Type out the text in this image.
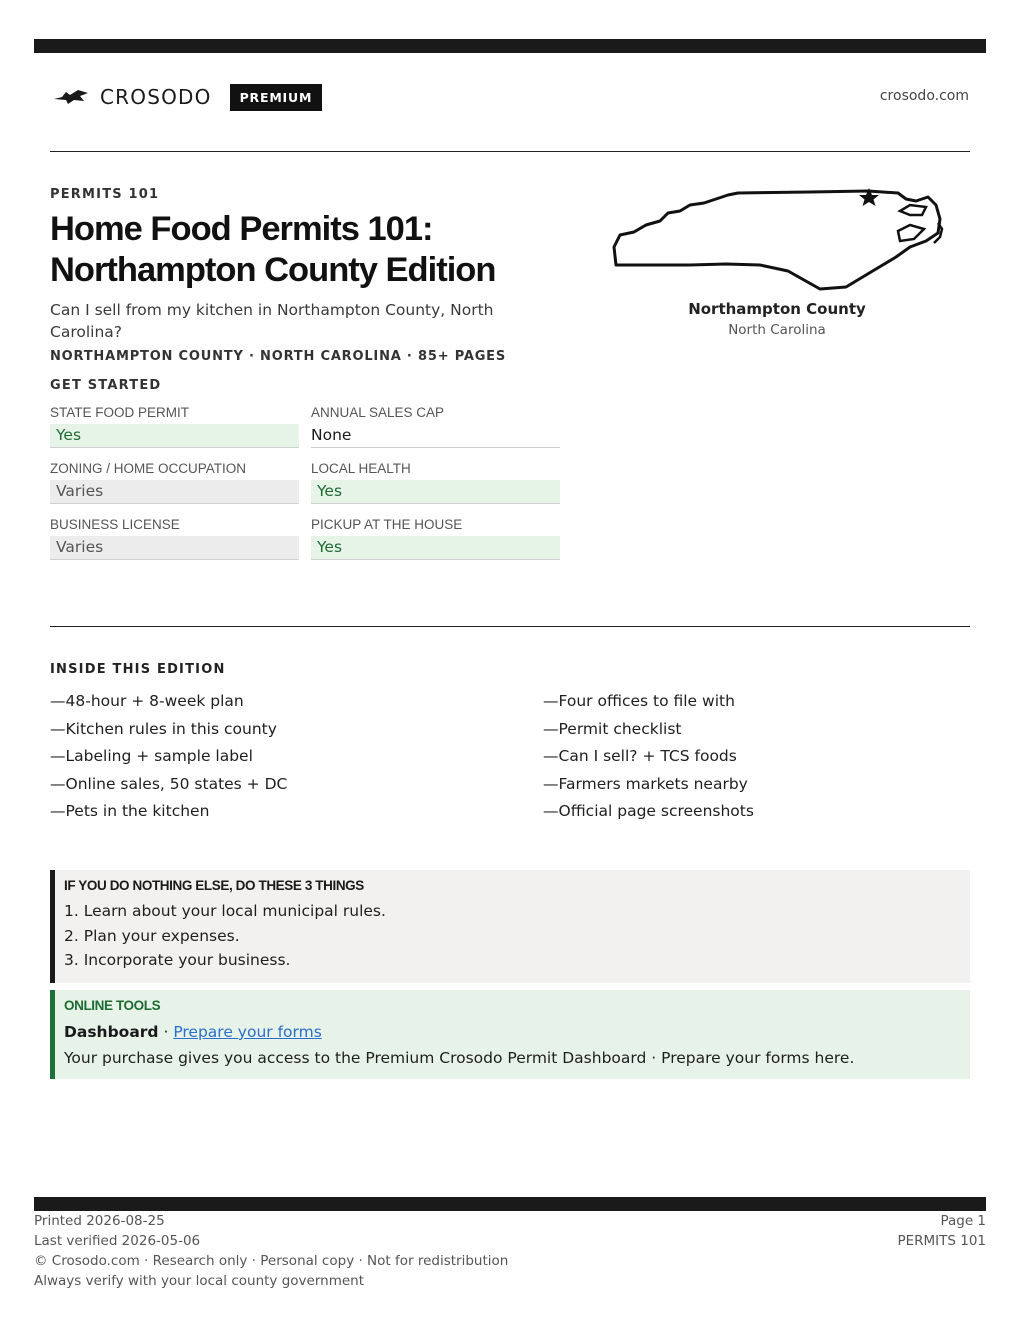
CROSODO	PREMIUM	crosodo.com
PERMITS 101
Home Food Permits 101:
Northampton County Edition

Can I sell from my kitchen in Northampton County, North Carolina?

NORTHAMPTON COUNTY · NORTH CAROLINA · 85+ PAGES
Northampton County
North Carolina
GET STARTED
STATE FOOD PERMIT
Yes
ANNUAL SALES CAP
None
ZONING / HOME OCCUPATION
Varies
LOCAL HEALTH
Yes
BUSINESS LICENSE
Varies
PICKUP AT THE HOUSE
Yes
INSIDE THIS EDITION
—48-hour + 8-week plan
—Kitchen rules in this county
—Labeling + sample label
—Online sales, 50 states + DC
—Pets in the kitchen
—Four offices to file with
—Permit checklist
—Can I sell? + TCS foods
—Farmers markets nearby
—Official page screenshots
IF YOU DO NOTHING ELSE, DO THESE 3 THINGS
1. Learn about your local municipal rules.
2. Plan your expenses.
3. Incorporate your business.
ONLINE TOOLS
Dashboard · Prepare your forms
Your purchase gives you access to the Premium Crosodo Permit Dashboard · Prepare your forms here.
Printed 2026-08-25
Last verified 2026-05-06
© Crosodo.com · Research only · Personal copy · Not for redistribution
Always verify with your local county government
Page 1
PERMITS 101
